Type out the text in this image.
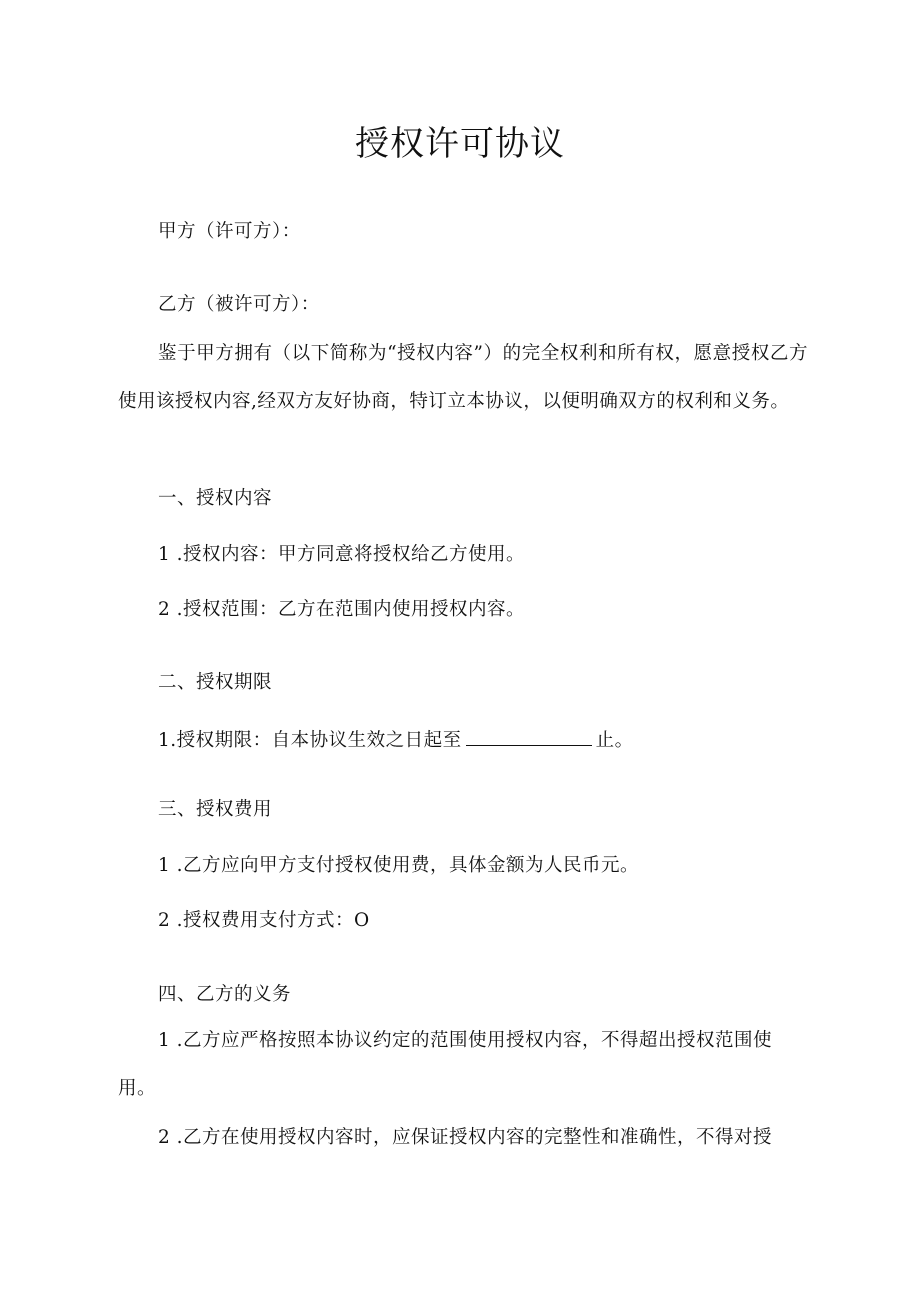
授权许可协议
甲方（许可方）：
乙方（被许可方）：
鉴于甲方拥有（以下简称为“授权内容”）的完全权利和所有权，愿意授权乙方使用该授权内容,经双方友好协商，特订立本协议，以便明确双方的权利和义务。
一、授权内容
1 .授权内容：甲方同意将授权给乙方使用。
2 .授权范围：乙方在范围内使用授权内容。
二、授权期限
1.授权期限：自本协议生效之日起至	止。
三、授权费用
1 .乙方应向甲方支付授权使用费，具体金额为人民币元。
2 .授权费用支付方式：O
四、乙方的义务
1 .乙方应严格按照本协议约定的范围使用授权内容，不得超出授权范围使
用。
2 .乙方在使用授权内容时，应保证授权内容的完整性和准确性，不得对授
